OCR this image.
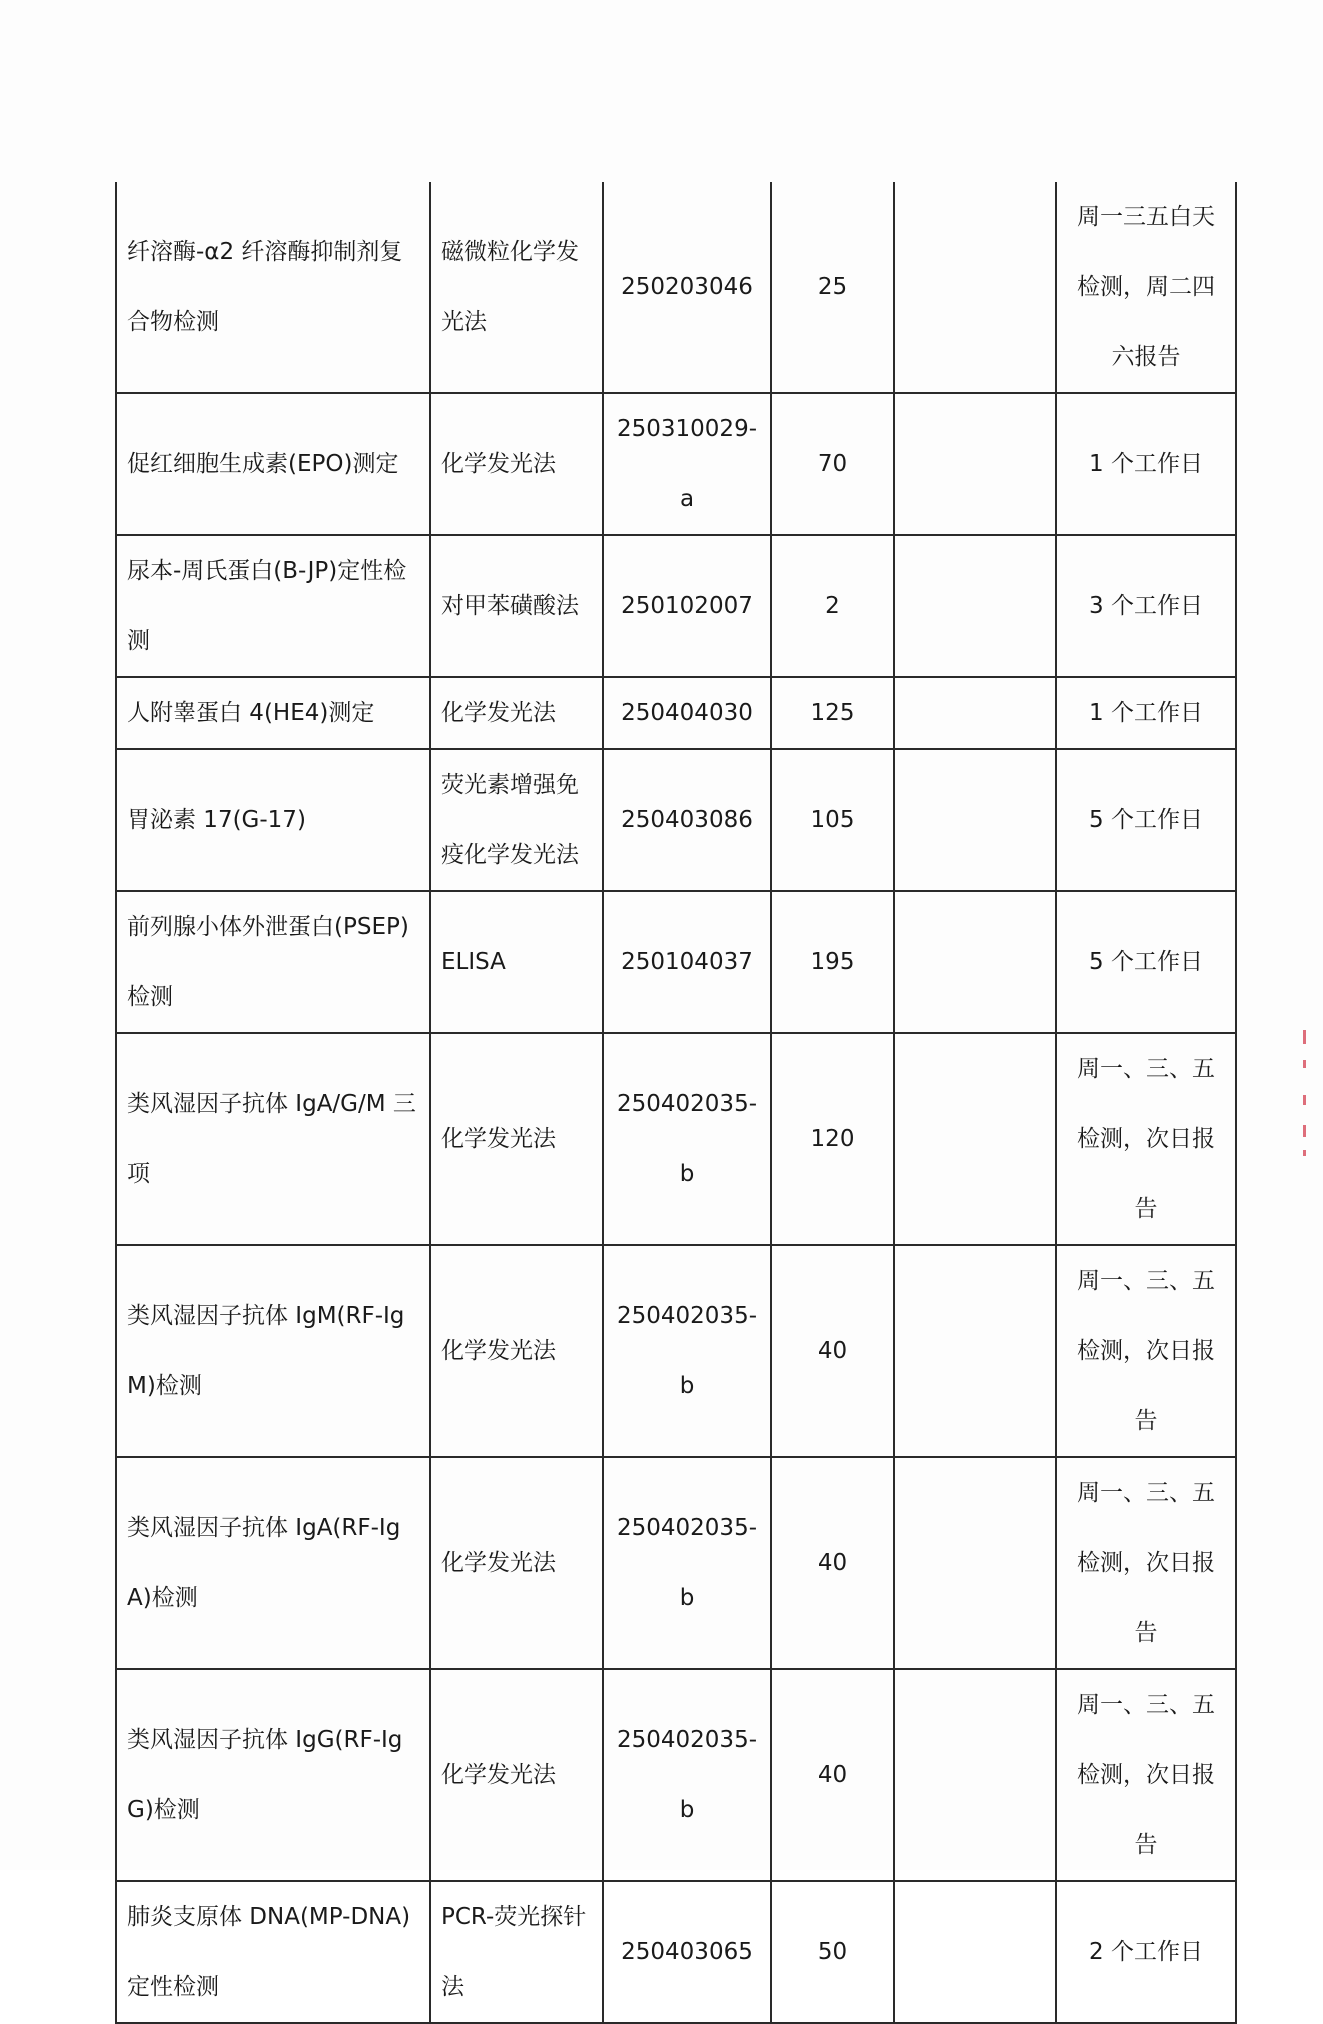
纤溶酶-α2 纤溶酶抑制剂复合物检测	磁微粒化学发光法	250203046	25		周一三五白天检测，周二四六报告
促红细胞生成素(EPO)测定	化学发光法	250310029-a	70		1 个工作日
尿本-周氏蛋白(B-JP)定性检测	对甲苯磺酸法	250102007	2		3 个工作日
人附睾蛋白 4(HE4)测定	化学发光法	250404030	125		1 个工作日
胃泌素 17(G-17)	荧光素增强免疫化学发光法	250403086	105		5 个工作日
前列腺小体外泄蛋白(PSEP)检测	ELISA	250104037	195		5 个工作日
类风湿因子抗体 IgA/G/M 三项	化学发光法	250402035-b	120		周一、三、五检测，次日报告
类风湿因子抗体 IgM(RF-IgM)检测	化学发光法	250402035-b	40		周一、三、五检测，次日报告
类风湿因子抗体 IgA(RF-IgA)检测	化学发光法	250402035-b	40		周一、三、五检测，次日报告
类风湿因子抗体 IgG(RF-IgG)检测	化学发光法	250402035-b	40		周一、三、五检测，次日报告
肺炎支原体 DNA(MP-DNA)定性检测	PCR-荧光探针法	250403065	50		2 个工作日
